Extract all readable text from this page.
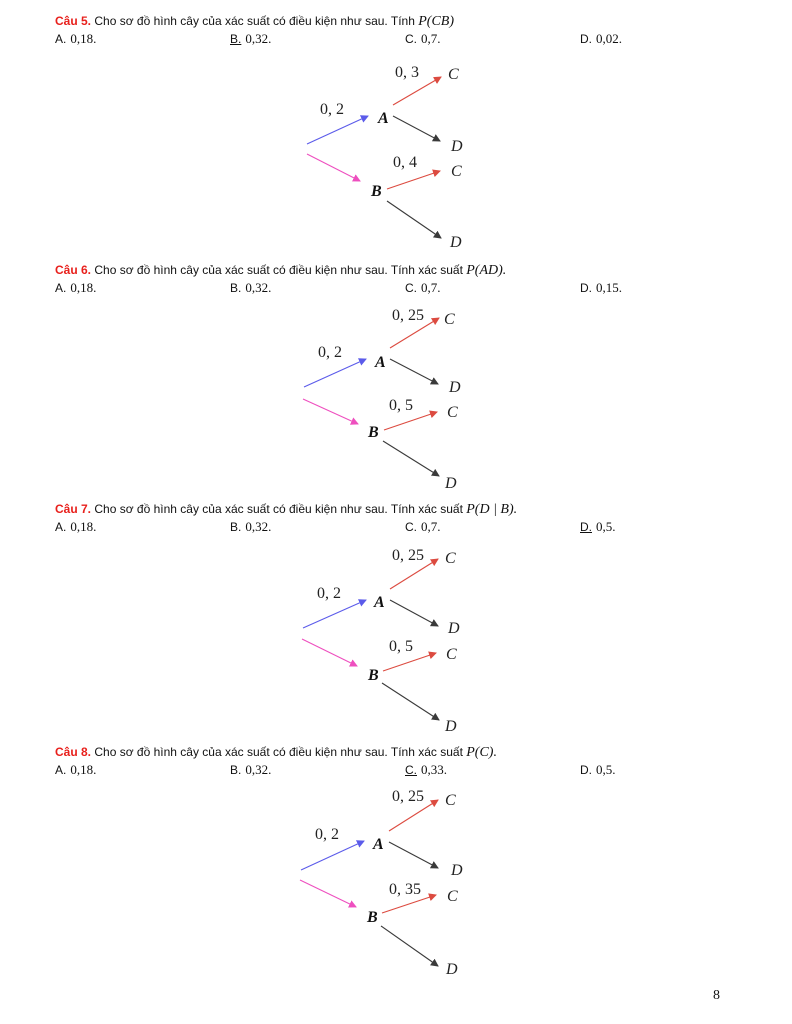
Câu 5. Cho sơ đồ hình cây của xác suất có điều kiện như sau. Tính P(CB)
A. 0,18.	B. 0,32.	C. 0,7.	D. 0,02.
0, 2
0, 3
0, 4
A
B
C
D
C
D
Câu 6. Cho sơ đồ hình cây của xác suất có điều kiện như sau. Tính xác suất P(AD).
A. 0,18.	B. 0,32.	C. 0,7.	D. 0,15.
0, 2
0, 25
0, 5
A
B
C
D
C
D
Câu 7. Cho sơ đồ hình cây của xác suất có điều kiện như sau. Tính xác suất P(D | B).
A. 0,18.	B. 0,32.	C. 0,7.	D. 0,5.
0, 2
0, 25
0, 5
A
B
C
D
C
D
Câu 8. Cho sơ đồ hình cây của xác suất có điều kiện như sau. Tính xác suất P(C).
A. 0,18.	B. 0,32.	C. 0,33.	D. 0,5.
0, 2
0, 25
0, 35
A
B
C
D
C
D
8
